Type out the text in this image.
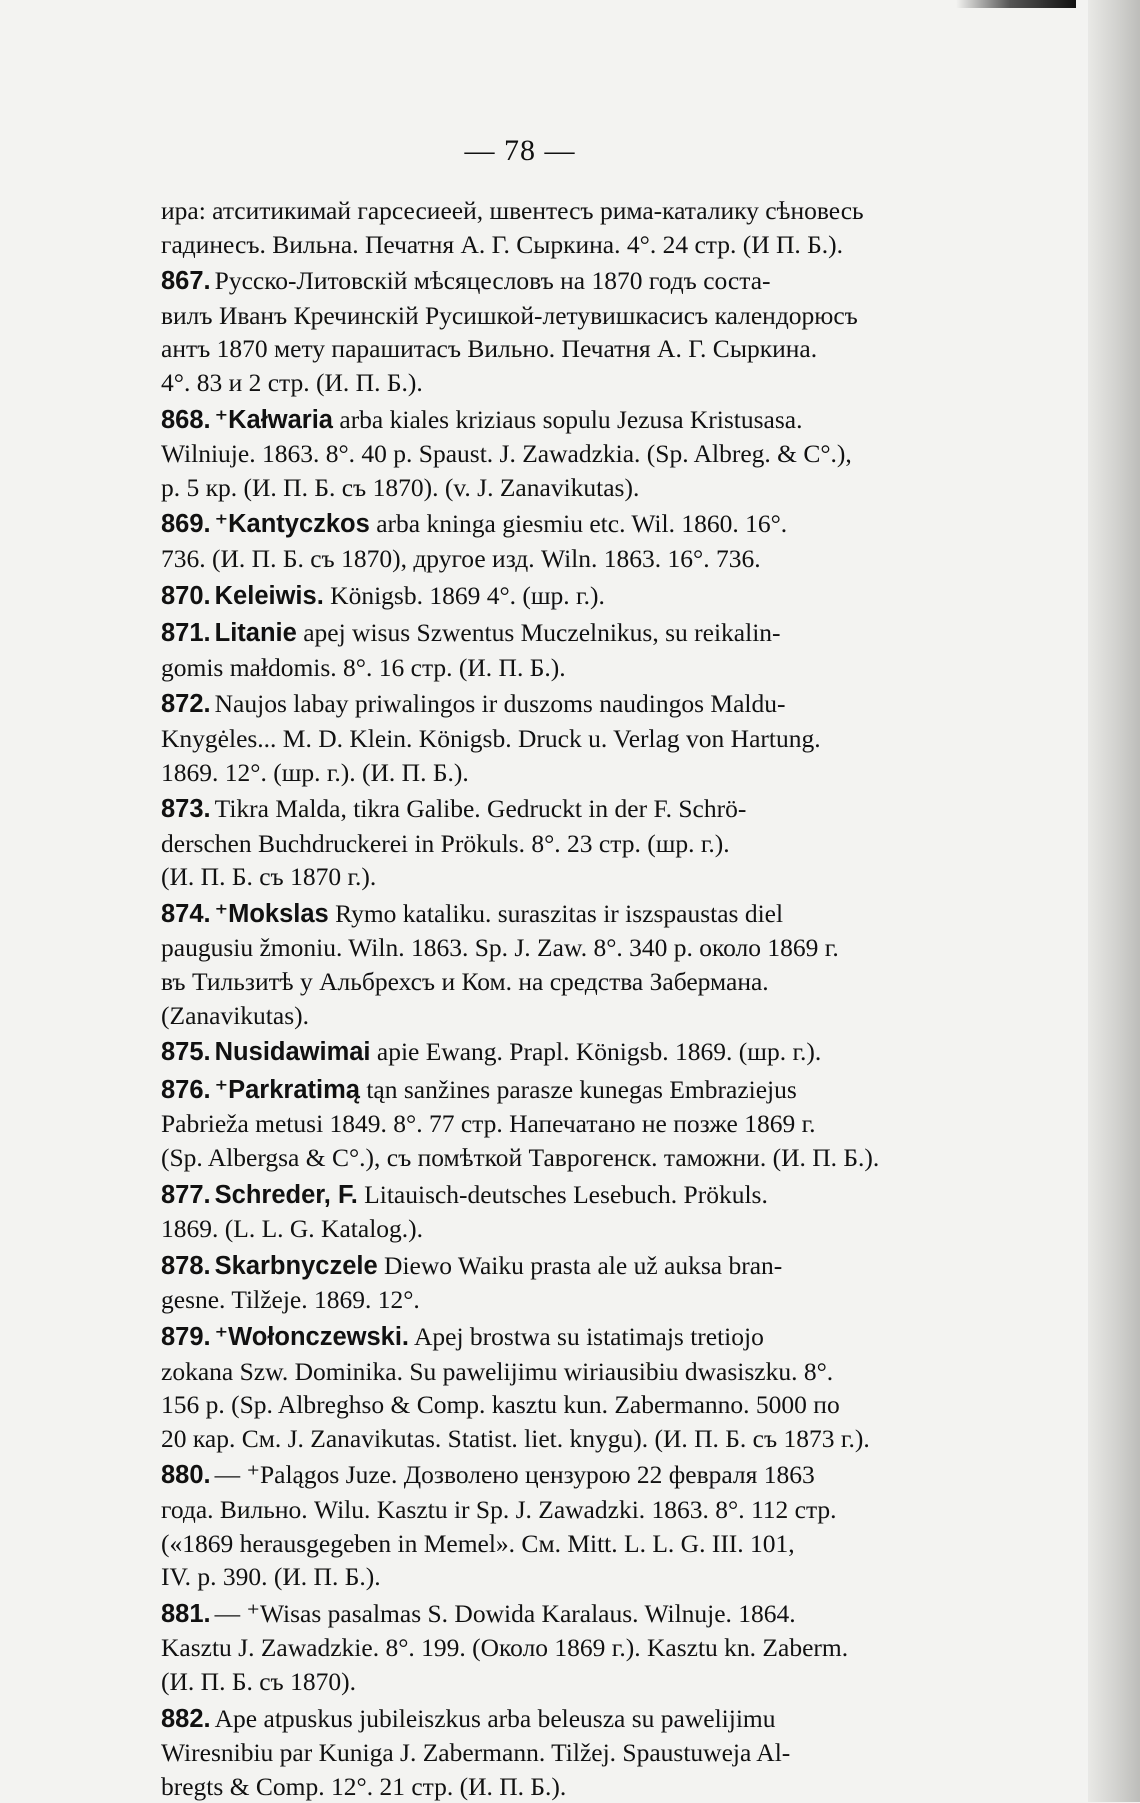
— 78 —
ира: атситикимай гарсесиеей, швентесъ рима-каталику сѣновесь
гадинесъ. Вильна. Печатня А. Г. Сыркина. 4°. 24 стр. (И П. Б.).
867. Русско-Литовскій мѣсяцесловъ на 1870 годъ соста-
вилъ Иванъ Кречинскій Русишкой-летувишкасисъ календорюсъ
антъ 1870 мету парашитасъ Вильно. Печатня А. Г. Сыркина.
4°. 83 и 2 стр. (И. П. Б.).
868. ⁺Kałwaria arba kiales kriziaus sopulu Jezusa Kristusasa.
Wilniuje. 1863. 8°. 40 p. Spaust. J. Zawadzkia. (Sp. Albreg. & C°.),
p. 5 кр. (И. П. Б. съ 1870). (v. J. Zanavikutas).
869. ⁺Kantyczkos arba kninga giesmiu etc. Wil. 1860. 16°.
736. (И. П. Б. съ 1870), другое изд. Wiln. 1863. 16°. 736.
870. Keleiwis. Königsb. 1869 4°. (шр. г.).
871. Litanie apej wisus Szwentus Muczelnikus, su reikalin-
gomis małdomis. 8°. 16 стр. (И. П. Б.).
872. Naujos labay priwalingos ir duszoms naudingos Maldu-
Knygėles... M. D. Klein. Königsb. Druck u. Verlag von Hartung.
1869. 12°. (шр. г.). (И. П. Б.).
873. Tikra Malda, tikra Galibe. Gedruckt in der F. Schrö-
derschen Buchdruckerei in Prökuls. 8°. 23 стр. (шр. г.).
(И. П. Б. съ 1870 г.).
874. ⁺Mokslas Rymo kataliku. suraszitas ir iszspaustas diel
paugusiu žmoniu. Wiln. 1863. Sp. J. Zaw. 8°. 340 р. около 1869 г.
въ Тильзитѣ у Альбрехсъ и Ком. на средства Забермана.
(Zanavikutas).
875. Nusidawimai apie Ewang. Prapl. Königsb. 1869. (шр. г.).
876. ⁺Parkratimą tąn sanžines parasze kunegas Embraziejus
Pabrieža metusi 1849. 8°. 77 стр. Напечатано не позже 1869 г.
(Sp. Albergsa & C°.), съ помѣткой Таврогенск. таможни. (И. П. Б.).
877. Schreder, F. Litauisch-deutsches Lesebuch. Prökuls.
1869. (L. L. G. Katalog.).
878. Skarbnyczele Diewo Waiku prasta ale už auksa bran-
gesne. Tilžeje. 1869. 12°.
879. ⁺Wołonczewski. Apej brostwa su istatimajs tretiojo
zokana Szw. Dominika. Su pawelijimu wiriausibiu dwasiszku. 8°.
156 p. (Sp. Albreghso & Comp. kasztu kun. Zabermanno. 5000 по
20 кар. См. J. Zanavikutas. Statist. liet. knygu). (И. П. Б. съ 1873 г.).
880. — ⁺Palągos Juze. Дозволено цензурою 22 февраля 1863
года. Вильно. Wilu. Kasztu ir Sp. J. Zawadzki. 1863. 8°. 112 стр.
(«1869 herausgegeben in Memel». См. Mitt. L. L. G. III. 101,
IV. p. 390. (И. П. Б.).
881. — ⁺Wisas pasalmas S. Dowida Karalaus. Wilnuje. 1864.
Kasztu J. Zawadzkie. 8°. 199. (Около 1869 г.). Kasztu kn. Zaberm.
(И. П. Б. съ 1870).
882. Ape atpuskus jubileiszkus arba beleusza su pawelijimu
Wiresnibiu par Kuniga J. Zabermann. Tilžej. Spaustuweja Al-
bregts & Comp. 12°. 21 стр. (И. П. Б.).
